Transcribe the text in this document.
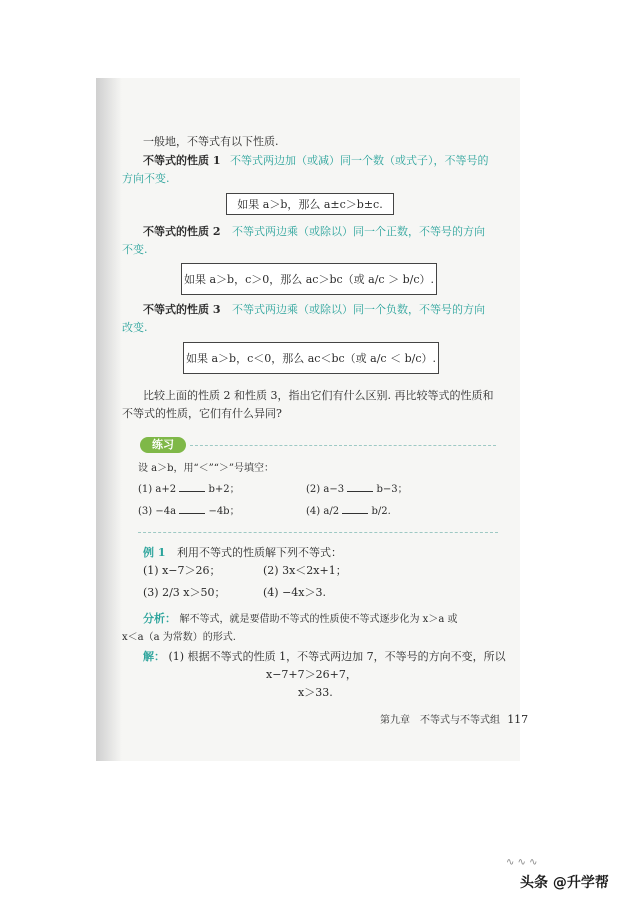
一般地，不等式有以下性质.
不等式的性质 1 不等式两边加（或减）同一个数（或式子），不等号的
方向不变.
如果 a＞b，那么 a±c＞b±c.
不等式的性质 2 不等式两边乘（或除以）同一个正数，不等号的方向
不变.
如果 a＞b，c＞0，那么 ac＞bc（或 a/c ＞ b/c）.
不等式的性质 3 不等式两边乘（或除以）同一个负数，不等号的方向
改变.
如果 a＞b，c＜0，那么 ac＜bc（或 a/c ＜ b/c）.
比较上面的性质 2 和性质 3，指出它们有什么区别. 再比较等式的性质和
不等式的性质，它们有什么异同?
练习
设 a＞b，用“＜”“＞”号填空：
(1) a+2	b+2；	(2) a−3	b−3；
(3) −4a	−4b；	(4) a/2	b/2.
例 1 利用不等式的性质解下列不等式：
(1) x−7＞26；	(2) 3x＜2x+1；
(3) 2/3 x＞50；	(4) −4x＞3.
分析： 解不等式，就是要借助不等式的性质使不等式逐步化为 x＞a 或
x＜a（a 为常数）的形式.
解： (1) 根据不等式的性质 1，不等式两边加 7，不等号的方向不变，所以
x−7+7＞26+7，
x＞33.
第九章　不等式与不等式组 117
∿ ∿ ∿
头条 @升学帮
